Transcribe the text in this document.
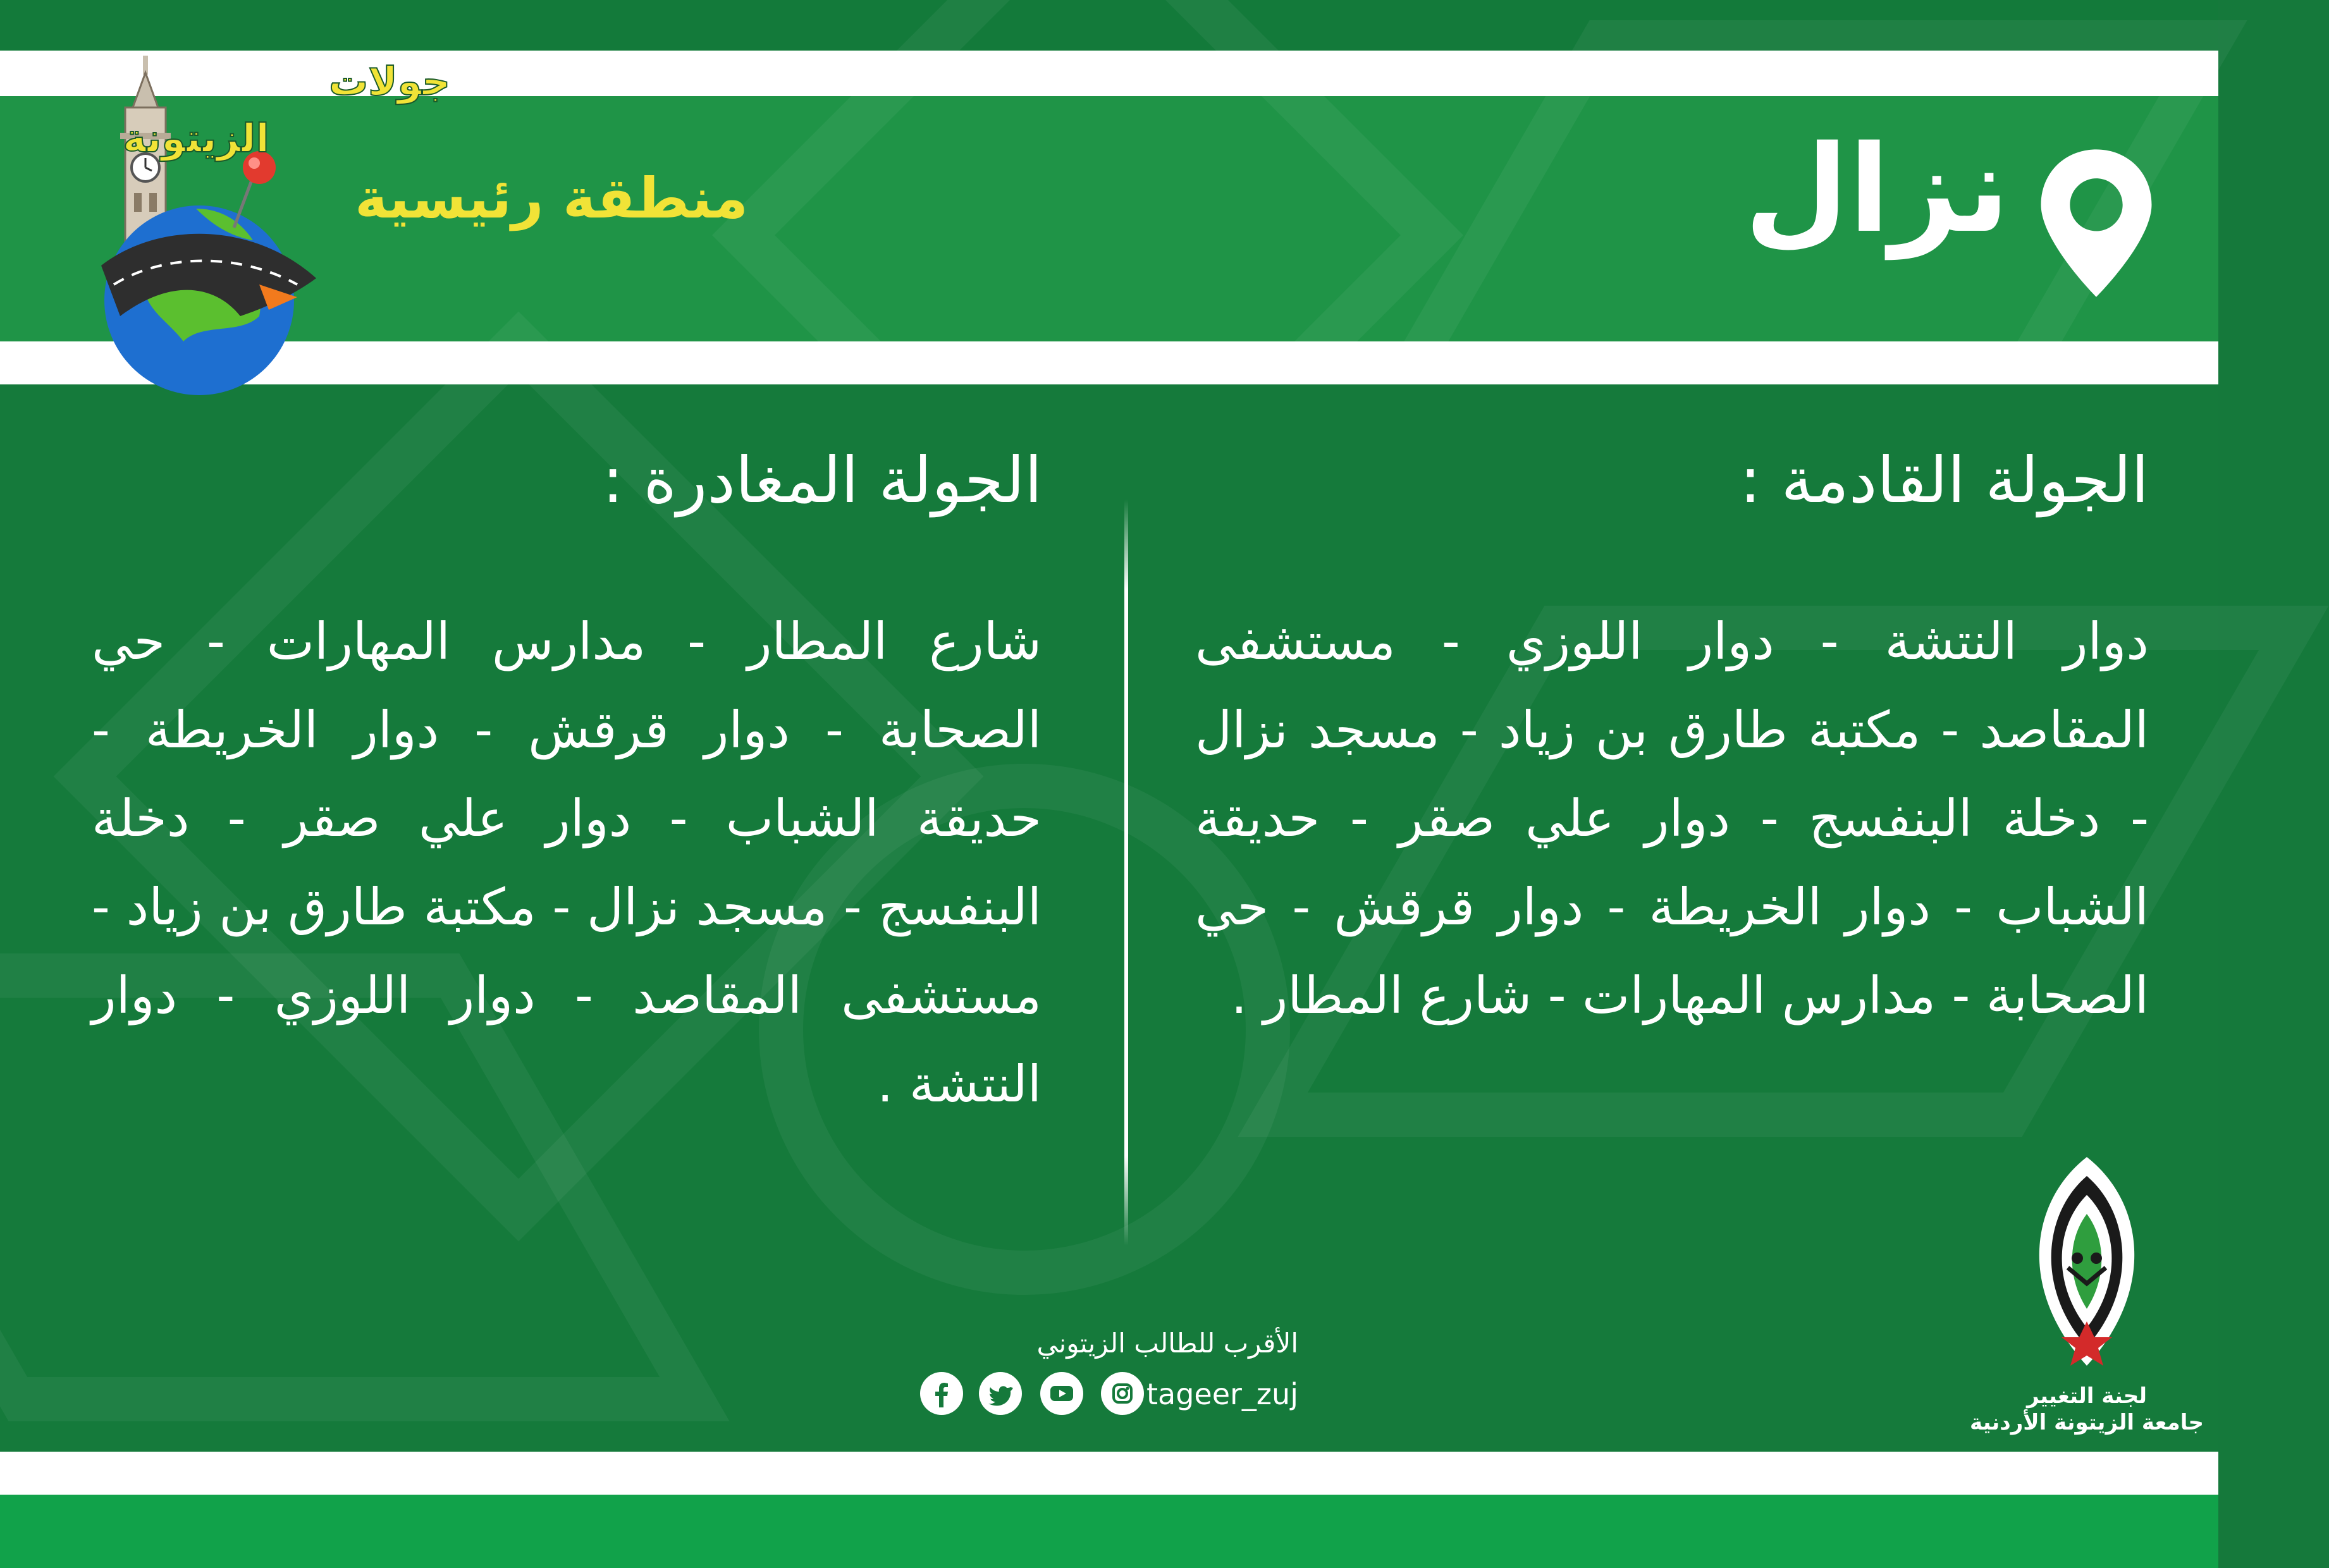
نزال
منطقة رئيسية
جولات
الزيتونة
الجولة القادمة :
دوار النتشة - دوار اللوزي - مستشفى المقاصد - مكتبة طارق بن زياد - مسجد نزال - دخلة البنفسج - دوار علي صقر - حديقة الشباب - دوار الخريطة - دوار قرقش - حي الصحابة - مدارس المهارات - شارع المطار .
الجولة المغادرة :
شارع المطار - مدارس المهارات - حي الصحابة - دوار قرقش - دوار الخريطة - حديقة الشباب - دوار علي صقر - دخلة البنفسج - مسجد نزال - مكتبة طارق بن زياد - مستشفى المقاصد - دوار اللوزي - دوار النتشة .
الأقرب للطالب الزيتوني
tageer_zuj	لجنة التغيير
جامعة الزيتونة الأردنية
